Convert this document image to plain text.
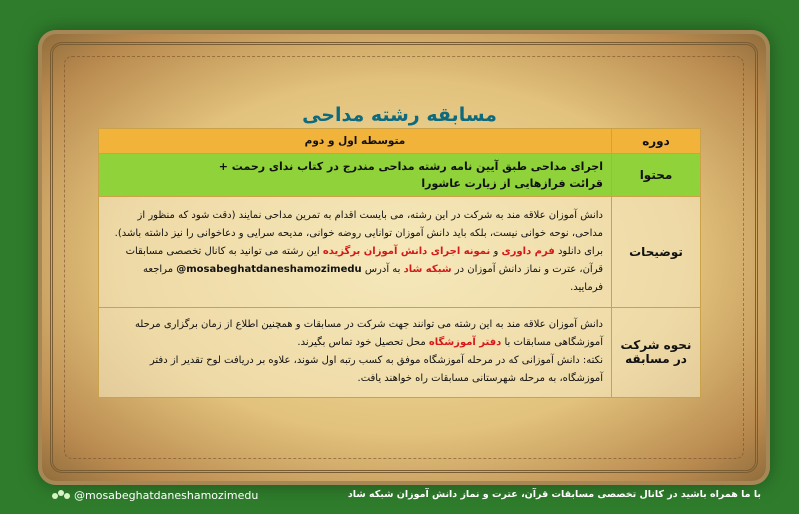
مسابقه رشته مداحی
دوره	متوسطه اول و دوم
محتوا	اجرای مداحی طبق آیین نامه رشته مداحی مندرج در کتاب ندای رحمت +
قرائت فرازهایی از زیارت عاشورا

توضیحات	دانش آموزان علاقه مند به شرکت در این رشته، می بایست اقدام به تمرین مداحی نمایند (دقت شود که منظور از مداحی، نوحه خوانی نیست، بلکه باید دانش آموزان توانایی روضه خوانی، مدیحه سرایی و دعاخوانی را نیز داشته باشد).
برای دانلود فرم داوری و نمونه اجرای دانش آموزان برگزیده این رشته می توانید به کانال تخصصی مسابقات قرآن، عترت و نماز دانش آموزان در شبکه شاد به آدرس @mosabeghatdaneshamozimedu مراجعه فرمایید.

نحوه شرکت در مسابقه	دانش آموزان علاقه مند به این رشته می توانند جهت شرکت در مسابقات و همچنین اطلاع از زمان برگزاری مرحله آموزشگاهی مسابقات با دفتر آموزشگاه محل تحصیل خود تماس بگیرند.
نکته: دانش آموزانی که در مرحله آموزشگاه موفق به کسب رتبه اول شوند، علاوه بر دریافت لوح تقدیر از دفتر آموزشگاه، به مرحله شهرستانی مسابقات راه خواهند یافت.
@mosabeghatdaneshamozimedu	با ما همراه باشید در کانال تخصصی مسابقات قرآن، عترت و نماز دانش آموزان شبکه شاد
